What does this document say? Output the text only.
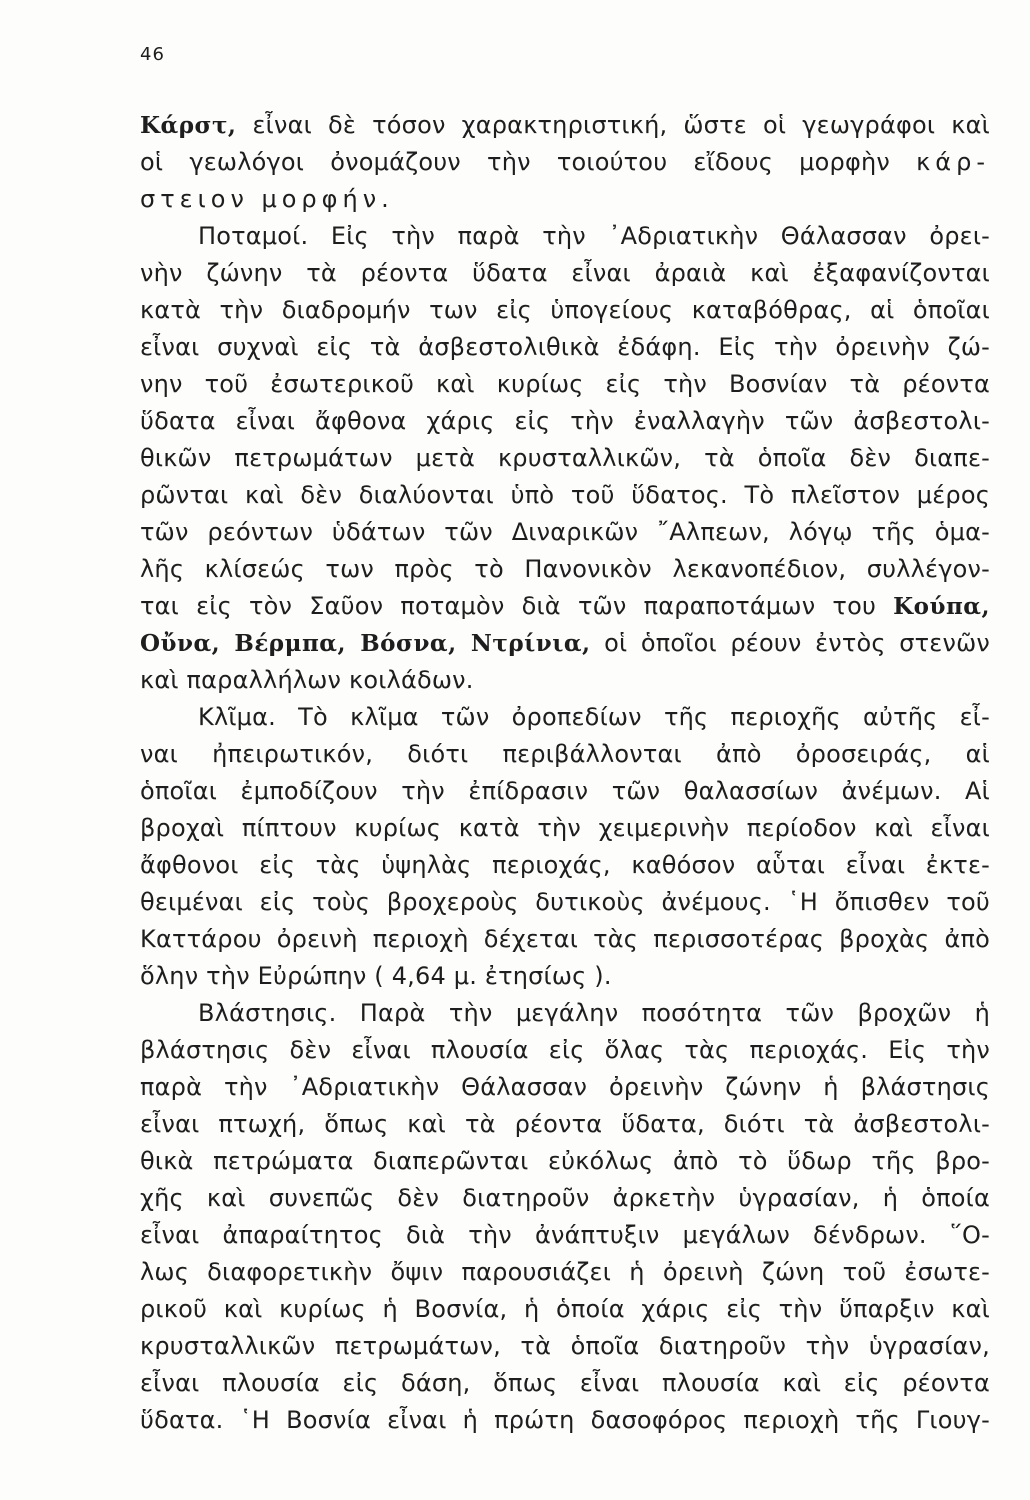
46
Κάρστ, εἶναι δὲ τόσον χαρακτηριστική, ὥστε οἱ γεωγράφοι καὶ
οἱ γεωλόγοι ὀνομάζουν τὴν τοιούτου εἴδους μορφὴν κάρ-
στειον μορφήν.
Ποταμοί. Εἰς τὴν παρὰ τὴν ᾿Αδριατικὴν Θάλασσαν ὀρει-
νὴν ζώνην τὰ ρέοντα ὕδατα εἶναι ἀραιὰ καὶ ἐξαφανίζονται
κατὰ τὴν διαδρομήν των εἰς ὑπογείους καταβόθρας, αἱ ὁποῖαι
εἶναι συχναὶ εἰς τὰ ἀσβεστολιθικὰ ἐδάφη. Εἰς τὴν ὀρεινὴν ζώ-
νην τοῦ ἐσωτερικοῦ καὶ κυρίως εἰς τὴν Βοσνίαν τὰ ρέοντα
ὕδατα εἶναι ἄφθονα χάρις εἰς τὴν ἐναλλαγὴν τῶν ἀσβεστολι-
θικῶν πετρωμάτων μετὰ κρυσταλλικῶν, τὰ ὁποῖα δὲν διαπε-
ρῶνται καὶ δὲν διαλύονται ὑπὸ τοῦ ὕδατος. Τὸ πλεῖστον μέρος
τῶν ρεόντων ὑδάτων τῶν Διναρικῶν ῎Αλπεων, λόγῳ τῆς ὁμα-
λῆς κλίσεώς των πρὸς τὸ Πανονικὸν λεκανοπέδιον, συλλέγον-
ται εἰς τὸν Σαῦον ποταμὸν διὰ τῶν παραποτάμων του Κούπα,
Οὔνα, Βέρμπα, Βόσνα, Ντρίνια, οἱ ὁποῖοι ρέουν ἐντὸς στενῶν
καὶ παραλλήλων κοιλάδων.
Κλῖμα. Τὸ κλῖμα τῶν ὀροπεδίων τῆς περιοχῆς αὐτῆς εἶ-
ναι ἠπειρωτικόν, διότι περιβάλλονται ἀπὸ ὀροσειράς, αἱ
ὁποῖαι ἐμποδίζουν τὴν ἐπίδρασιν τῶν θαλασσίων ἀνέμων. Αἱ
βροχαὶ πίπτουν κυρίως κατὰ τὴν χειμερινὴν περίοδον καὶ εἶναι
ἄφθονοι εἰς τὰς ὑψηλὰς περιοχάς, καθόσον αὗται εἶναι ἐκτε-
θειμέναι εἰς τοὺς βροχεροὺς δυτικοὺς ἀνέμους. ῾Η ὄπισθεν τοῦ
Καττάρου ὀρεινὴ περιοχὴ δέχεται τὰς περισσοτέρας βροχὰς ἀπὸ
ὅλην τὴν Εὐρώπην ( 4,64 μ. ἐτησίως ).
Βλάστησις. Παρὰ τὴν μεγάλην ποσότητα τῶν βροχῶν ἡ
βλάστησις δὲν εἶναι πλουσία εἰς ὅλας τὰς περιοχάς. Εἰς τὴν
παρὰ τὴν ᾿Αδριατικὴν Θάλασσαν ὀρεινὴν ζώνην ἡ βλάστησις
εἶναι πτωχή, ὅπως καὶ τὰ ρέοντα ὕδατα, διότι τὰ ἀσβεστολι-
θικὰ πετρώματα διαπερῶνται εὐκόλως ἀπὸ τὸ ὕδωρ τῆς βρο-
χῆς καὶ συνεπῶς δὲν διατηροῦν ἀρκετὴν ὑγρασίαν, ἡ ὁποία
εἶναι ἀπαραίτητος διὰ τὴν ἀνάπτυξιν μεγάλων δένδρων. ῞Ο-
λως διαφορετικὴν ὄψιν παρουσιάζει ἡ ὀρεινὴ ζώνη τοῦ ἐσωτε-
ρικοῦ καὶ κυρίως ἡ Βοσνία, ἡ ὁποία χάρις εἰς τὴν ὕπαρξιν καὶ
κρυσταλλικῶν πετρωμάτων, τὰ ὁποῖα διατηροῦν τὴν ὑγρασίαν,
εἶναι πλουσία εἰς δάση, ὅπως εἶναι πλουσία καὶ εἰς ρέοντα
ὕδατα. ῾Η Βοσνία εἶναι ἡ πρώτη δασοφόρος περιοχὴ τῆς Γιουγ-
